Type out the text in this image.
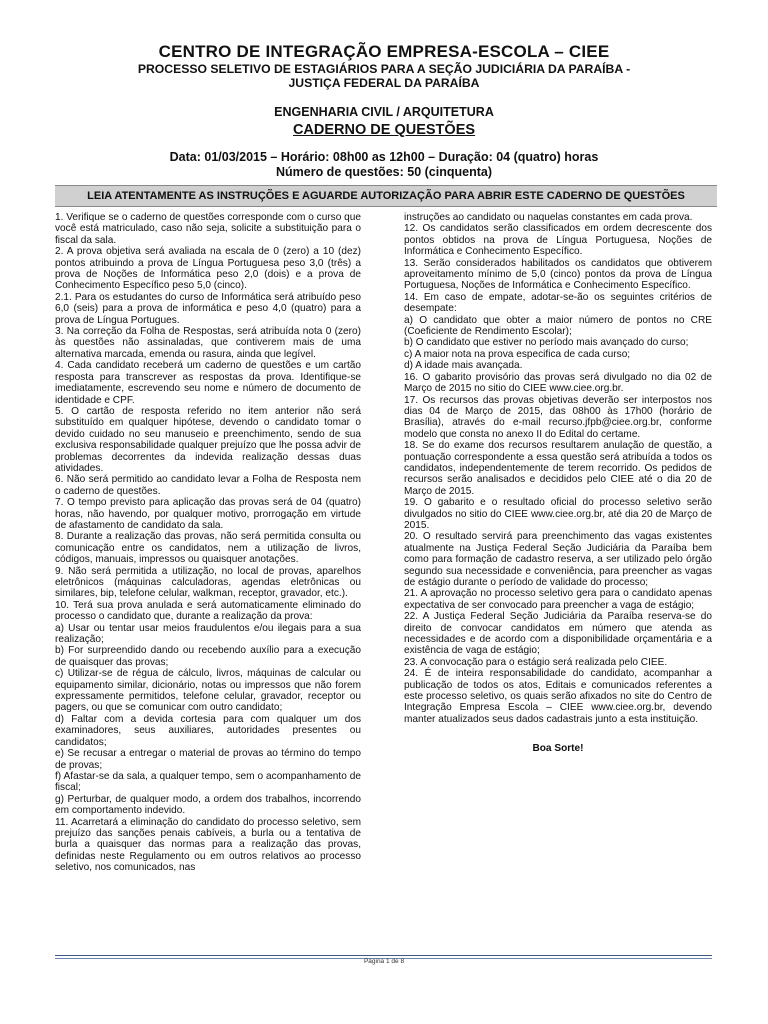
CENTRO DE INTEGRAÇÃO EMPRESA-ESCOLA – CIEE
PROCESSO SELETIVO DE ESTAGIÁRIOS PARA A SEÇÃO JUDICIÁRIA DA PARAÍBA -
JUSTIÇA FEDERAL DA PARAÍBA
ENGENHARIA CIVIL / ARQUITETURA
CADERNO DE QUESTÕES
Data: 01/03/2015 – Horário: 08h00 as 12h00 – Duração: 04 (quatro) horas
Número de questões: 50 (cinquenta)
LEIA ATENTAMENTE AS INSTRUÇÕES E AGUARDE AUTORIZAÇÃO PARA ABRIR ESTE CADERNO DE QUESTÕES

1. Verifique se o caderno de questões corresponde com o curso que você está matriculado, caso não seja, solicite a substituição para o fiscal da sala.

2. A prova objetiva será avaliada na escala de 0 (zero) a 10 (dez) pontos atribuindo a prova de Língua Portuguesa peso 3,0 (três) a prova de Noções de Informática peso 2,0 (dois) e a prova de Conhecimento Específico peso 5,0 (cinco).

2.1. Para os estudantes do curso de Informática será atribuído peso 6,0 (seis) para a prova de informática e peso 4,0 (quatro) para a prova de Língua Portugues.

3. Na correção da Folha de Respostas, será atribuída nota 0 (zero) às questões não assinaladas, que contiverem mais de uma alternativa marcada, emenda ou rasura, ainda que legível.

4. Cada candidato receberá um caderno de questões e um cartão resposta para transcrever as respostas da prova. Identifique-se imediatamente, escrevendo seu nome e número de documento de identidade e CPF.

5. O cartão de resposta referido no item anterior não será substituído em qualquer hipótese, devendo o candidato tomar o devido cuidado no seu manuseio e preenchimento, sendo de sua exclusiva responsabilidade qualquer prejuízo que lhe possa advir de problemas decorrentes da indevida realização dessas duas atividades.

6. Não será permitido ao candidato levar a Folha de Resposta nem o caderno de questões.

7. O tempo previsto para aplicação das provas será de 04 (quatro) horas, não havendo, por qualquer motivo, prorrogação em virtude de afastamento de candidato da sala.

8. Durante a realização das provas, não será permitida consulta ou comunicação entre os candidatos, nem a utilização de livros, códigos, manuais, impressos ou quaisquer anotações.

9. Não será permitida a utilização, no local de provas, aparelhos eletrônicos (máquinas calculadoras, agendas eletrônicas ou similares, bip, telefone celular, walkman, receptor, gravador, etc.).

10. Terá sua prova anulada e será automaticamente eliminado do processo o candidato que, durante a realização da prova:

a) Usar ou tentar usar meios fraudulentos e/ou ilegais para a sua realização;

b) For surpreendido dando ou recebendo auxílio para a execução de quaisquer das provas;

c) Utilizar-se de régua de cálculo, livros, máquinas de calcular ou equipamento similar, dicionário, notas ou impressos que não forem expressamente permitidos, telefone celular, gravador, receptor ou pagers, ou que se comunicar com outro candidato;

d) Faltar com a devida cortesia para com qualquer um dos examinadores, seus auxiliares, autoridades presentes ou candidatos;

e) Se recusar a entregar o material de provas ao término do tempo de provas;

f) Afastar-se da sala, a qualquer tempo, sem o acompanhamento de fiscal;

g) Perturbar, de qualquer modo, a ordem dos trabalhos, incorrendo em comportamento indevido.

11. Acarretará a eliminação do candidato do processo seletivo, sem prejuízo das sanções penais cabíveis, a burla ou a tentativa de burla a quaisquer das normas para a realização das provas, definidas neste Regulamento ou em outros relativos ao processo seletivo, nos comunicados, nas

instruções ao candidato ou naquelas constantes em cada prova.

12. Os candidatos serão classificados em ordem decrescente dos pontos obtidos na prova de Língua Portuguesa, Noções de Informática e Conhecimento Específico.

13. Serão considerados habilitados os candidatos que obtiverem aproveitamento mínimo de 5,0 (cinco) pontos da prova de Língua Portuguesa, Noções de Informática e Conhecimento Específico.

14. Em caso de empate, adotar-se-ão os seguintes critérios de desempate:

a) O candidato que obter a maior número de pontos no CRE (Coeficiente de Rendimento Escolar);

b) O candidato que estiver no período mais avançado do curso;

c) A maior nota na prova especifica de cada curso;

d) A idade mais avançada.

16. O gabarito provisório das provas será divulgado no dia 02 de Março de 2015 no sitio do CIEE www.ciee.org.br.

17. Os recursos das provas objetivas deverão ser interpostos nos dias 04 de Março de 2015, das 08h00 às 17h00 (horário de Brasília), através do e-mail recurso.jfpb@ciee.org.br, conforme modelo que consta no anexo II do Edital do certame.

18. Se do exame dos recursos resultarem anulação de questão, a pontuação correspondente a essa questão será atribuída a todos os candidatos, independentemente de terem recorrido. Os pedidos de recursos serão analisados e decididos pelo CIEE até o dia 20 de Março de 2015.

19. O gabarito e o resultado oficial do processo seletivo serão divulgados no sitio do CIEE www.ciee.org.br, até dia 20 de Março de 2015.

20. O resultado servirá para preenchimento das vagas existentes atualmente na Justiça Federal Seção Judiciária da Paraíba bem como para formação de cadastro reserva, a ser utilizado pelo órgão segundo sua necessidade e conveniência, para preencher as vagas de estágio durante o período de validade do processo;

21. A aprovação no processo seletivo gera para o candidato apenas expectativa de ser convocado para preencher a vaga de estágio;

22. A Justiça Federal Seção Judiciária da Paraíba reserva-se do direito de convocar candidatos em número que atenda as necessidades e de acordo com a disponibilidade orçamentária e a existência de vaga de estágio;

23. A convocação para o estágio será realizada pelo CIEE.

24. É de inteira responsabilidade do candidato, acompanhar a publicação de todos os atos, Editais e comunicados referentes a este processo seletivo, os quais serão afixados no site do Centro de Integração Empresa Escola – CIEE www.ciee.org.br, devendo manter atualizados seus dados cadastrais junto a esta instituição.

Boa Sorte!

Página 1 de 8
